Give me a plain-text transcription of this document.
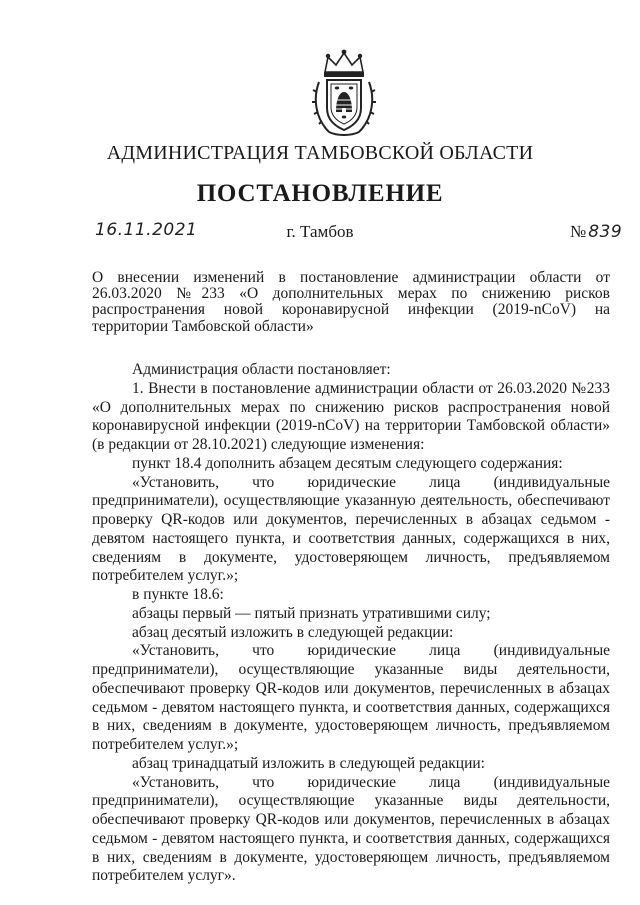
АДМИНИСТРАЦИЯ ТАМБОВСКОЙ ОБЛАСТИ
ПОСТАНОВЛЕНИЕ
16.11.2021	г. Тамбов	№ 839
О внесении изменений в постановление администрации области от 26.03.2020 №233 «О дополнительных мерах по снижению рисков распространения новой коронавирусной инфекции (2019-nCoV) на территории Тамбовской области»

Администрация области постановляет:

1. Внести в постановление администрации области от 26.03.2020 №233 «О дополнительных мерах по снижению рисков распространения новой коронавирусной инфекции (2019-nCoV) на территории Тамбовской области» (в редакции от 28.10.2021) следующие изменения:

пункт 18.4 дополнить абзацем десятым следующего содержания:

«Установить, что юридические лица (индивидуальные предприниматели), осуществляющие указанную деятельность, обеспечивают проверку QR-кодов или документов, перечисленных в абзацах седьмом - девятом настоящего пункта, и соответствия данных, содержащихся в них, сведениям в документе, удостоверяющем личность, предъявляемом потребителем услуг.»;

в пункте 18.6:

абзацы первый — пятый признать утратившими силу;

абзац десятый изложить в следующей редакции:

«Установить, что юридические лица (индивидуальные предприниматели), осуществляющие указанные виды деятельности, обеспечивают проверку QR-кодов или документов, перечисленных в абзацах седьмом - девятом настоящего пункта, и соответствия данных, содержащихся в них, сведениям в документе, удостоверяющем личность, предъявляемом потребителем услуг.»;

абзац тринадцатый изложить в следующей редакции:

«Установить, что юридические лица (индивидуальные предприниматели), осуществляющие указанные виды деятельности, обеспечивают проверку QR-кодов или документов, перечисленных в абзацах седьмом - девятом настоящего пункта, и соответствия данных, содержащихся в них, сведениям в документе, удостоверяющем личность, предъявляемом потребителем услуг».
